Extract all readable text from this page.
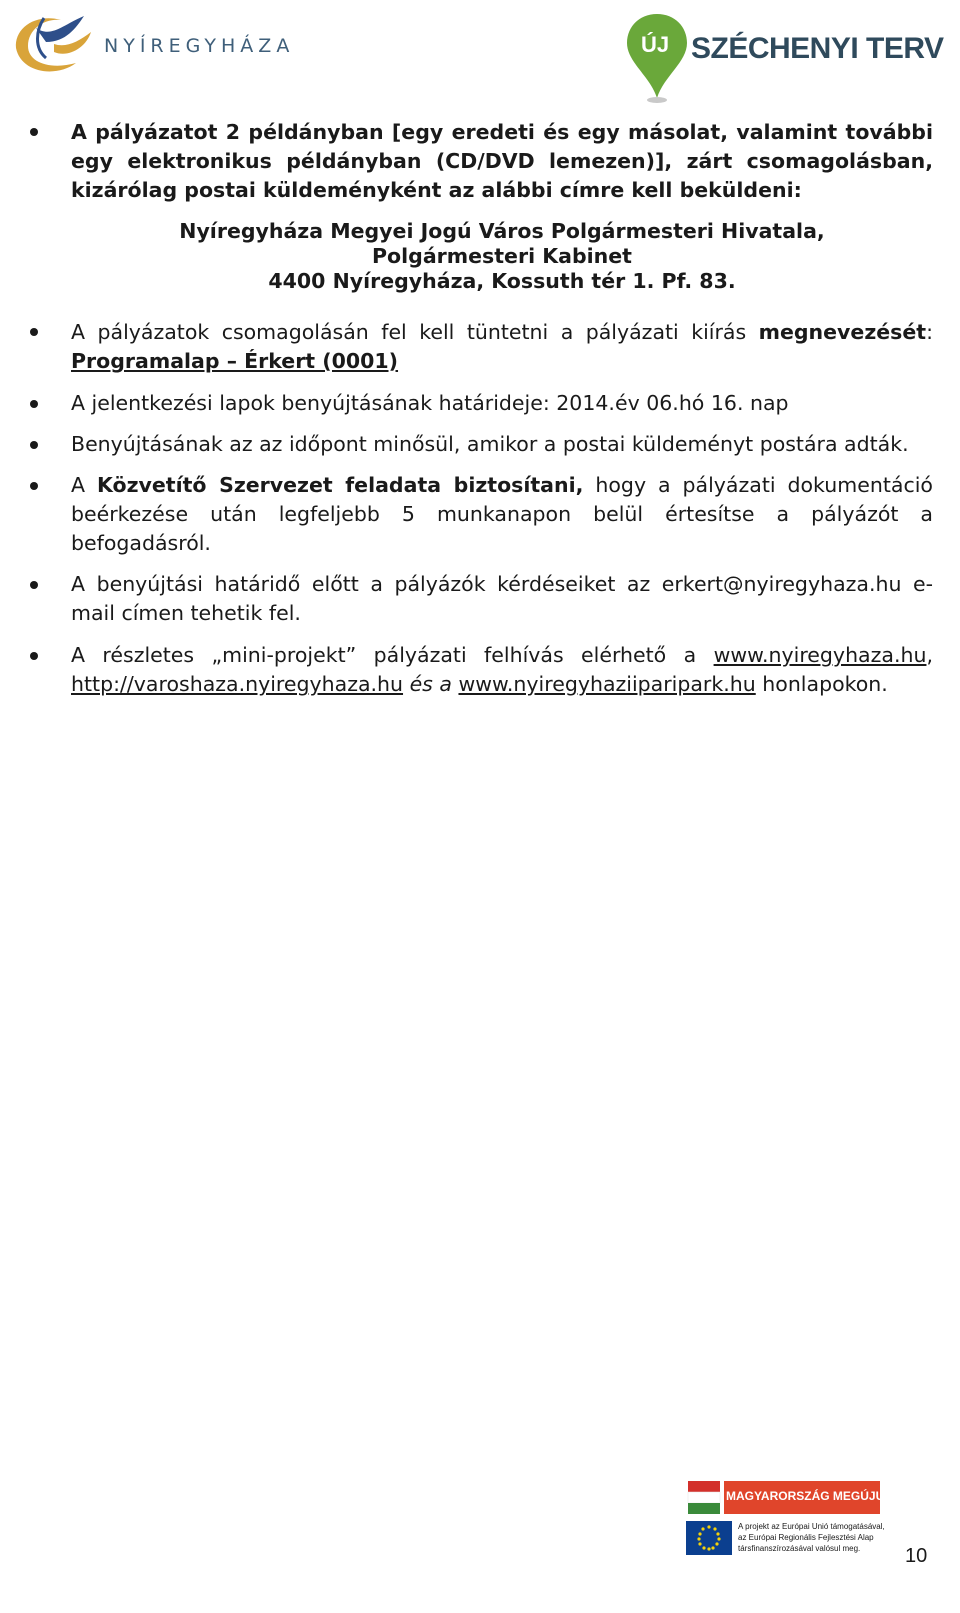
NYÍREGYHÁZA	ÚJ SZÉCHENYI TERV
A pályázatot 2 példányban [egy eredeti és egy másolat, valamint további
egy elektronikus példányban (CD/DVD lemezen)], zárt csomagolásban,
kizárólag postai küldeményként az alábbi címre kell beküldeni:
Nyíregyháza Megyei Jogú Város Polgármesteri Hivatala,
Polgármesteri Kabinet
4400 Nyíregyháza, Kossuth tér 1. Pf. 83.
A pályázatok csomagolásán fel kell tüntetni a pályázati kiírás megnevezését:
Programalap – Érkert (0001)
A jelentkezési lapok benyújtásának határideje: 2014.év 06.hó 16. nap
Benyújtásának az az időpont minősül, amikor a postai küldeményt postára adták.
A Közvetítő Szervezet feladata biztosítani, hogy a pályázati dokumentáció
beérkezése után legfeljebb 5 munkanapon belül értesítse a pályázót a
befogadásról.
A benyújtási határidő előtt a pályázók kérdéseiket az erkert@nyiregyhaza.hu e-
mail címen tehetik fel.
A részletes „mini-projekt” pályázati felhívás elérhető a www.nyiregyhaza.hu,
http://varoshaza.nyiregyhaza.hu és a www.nyiregyhaziiparipark.hu honlapokon.
MAGYARORSZÁG MEGÚJUL
A projekt az Európai Unió támogatásával,
az Európai Regionális Fejlesztési Alap
társfinanszírozásával valósul meg.	10
